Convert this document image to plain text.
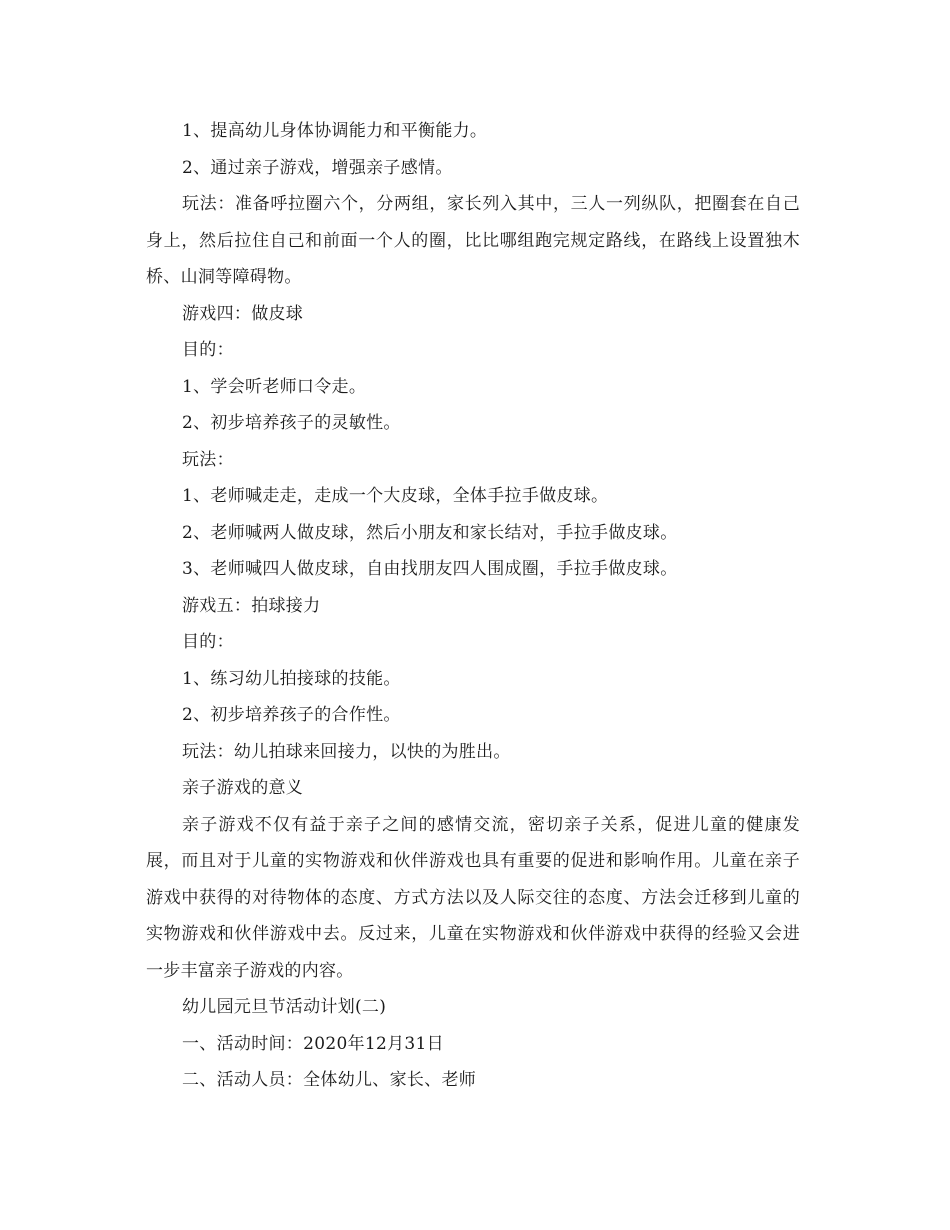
1、提高幼儿身体协调能力和平衡能力。

2、通过亲子游戏，增强亲子感情。

玩法：准备呼拉圈六个，分两组，家长列入其中，三人一列纵队，把圈套在自己身上，然后拉住自己和前面一个人的圈，比比哪组跑完规定路线，在路线上设置独木桥、山洞等障碍物。

游戏四：做皮球

目的：

1、学会听老师口令走。

2、初步培养孩子的灵敏性。

玩法：

1、老师喊走走，走成一个大皮球，全体手拉手做皮球。

2、老师喊两人做皮球，然后小朋友和家长结对，手拉手做皮球。

3、老师喊四人做皮球，自由找朋友四人围成圈，手拉手做皮球。

游戏五：拍球接力

目的：

1、练习幼儿拍接球的技能。

2、初步培养孩子的合作性。

玩法：幼儿拍球来回接力，以快的为胜出。

亲子游戏的意义

亲子游戏不仅有益于亲子之间的感情交流，密切亲子关系，促进儿童的健康发展，而且对于儿童的实物游戏和伙伴游戏也具有重要的促进和影响作用。儿童在亲子游戏中获得的对待物体的态度、方式方法以及人际交往的态度、方法会迁移到儿童的实物游戏和伙伴游戏中去。反过来，儿童在实物游戏和伙伴游戏中获得的经验又会进一步丰富亲子游戏的内容。

幼儿园元旦节活动计划(二)

一、活动时间：2020年12月31日

二、活动人员：全体幼儿、家长、老师
